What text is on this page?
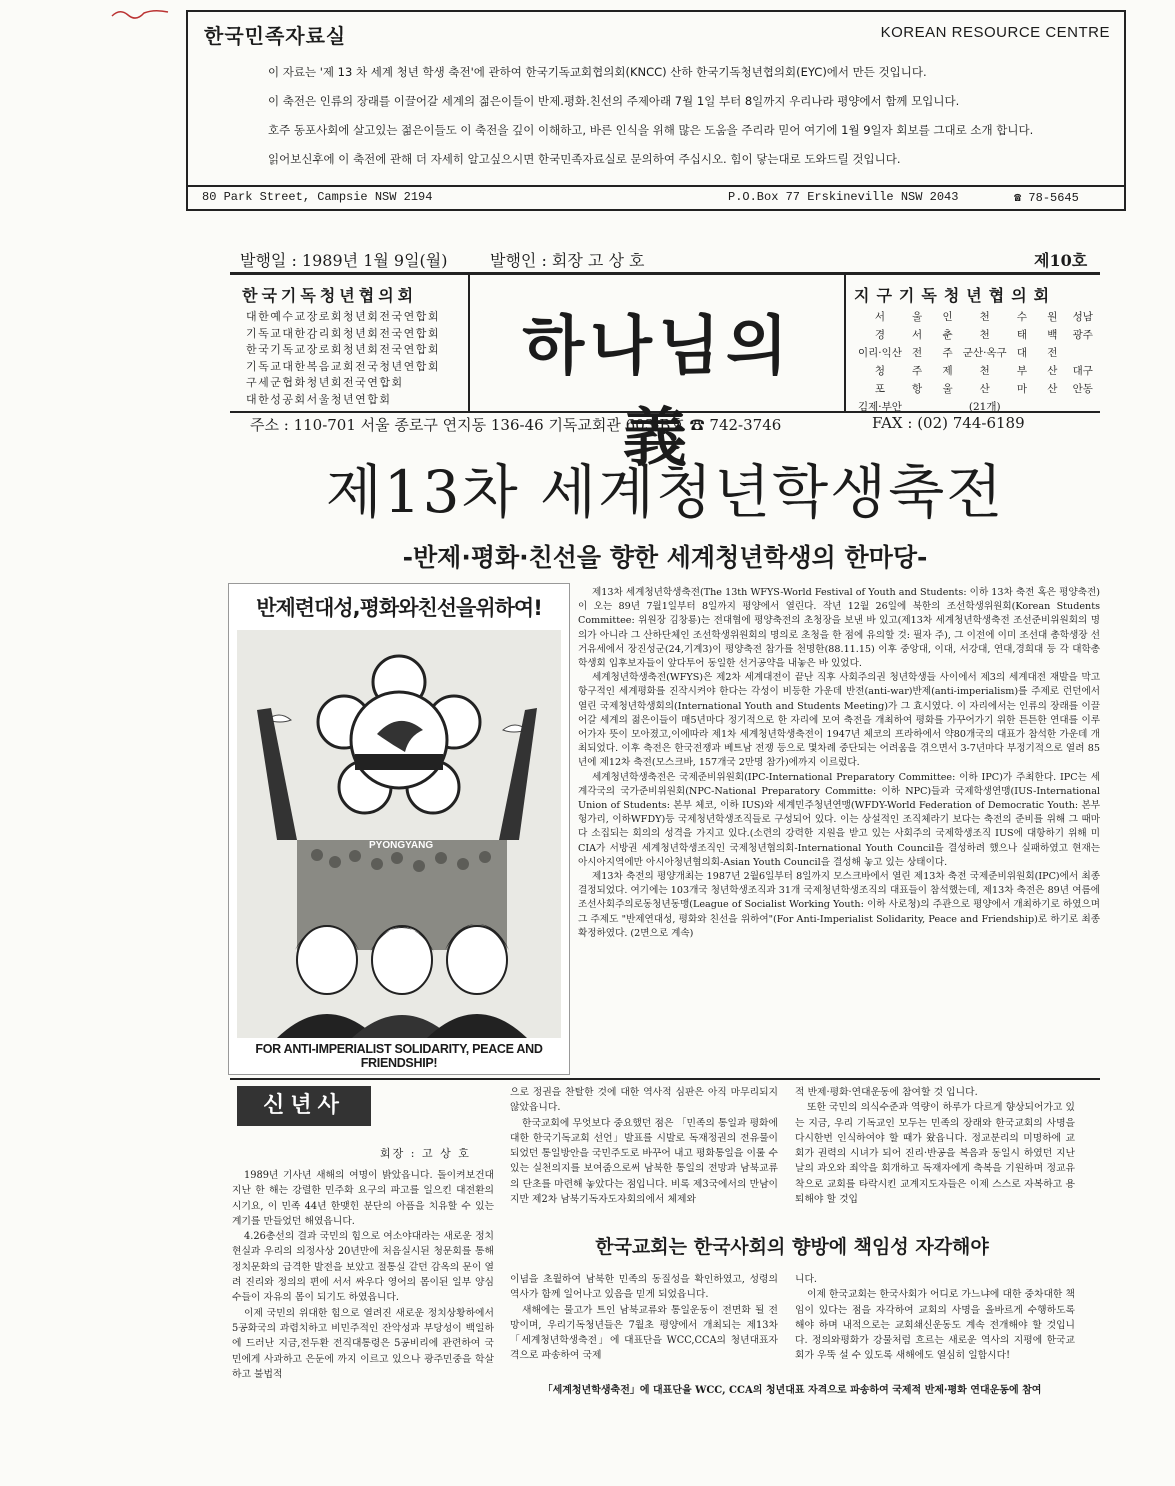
한국민족자료실	KOREAN RESOURCE CENTRE

이 자료는 '제 13 차 세계 청년 학생 축전'에 관하여 한국기독교회협의회(KNCC) 산하 한국기독청년협의회(EYC)에서 만든 것입니다.

이 축전은 인류의 장래를 이끌어갈 세계의 젊은이들이 반제.평화.친선의 주제아래 7월 1일 부터 8일까지 우리나라 평양에서 함께 모입니다.

호주 동포사회에 살고있는 젊은이들도 이 축전을 깊이 이해하고, 바른 인식을 위해 많은 도움을 주리라 믿어 여기에 1월 9일자 회보를 그대로 소개 합니다.

읽어보신후에 이 축전에 관해 더 자세히 알고싶으시면 한국민족자료실로 문의하여 주십시오. 힘이 닿는대로 도와드릴 것입니다.

80 Park Street, Campsie NSW 2194	P.O.Box 77 Erskineville NSW 2043	☎ 78-5645
발행일 : 1989년 1월 9일(월)	발행인 : 회장 고 상 호	제10호
한국기독청년협의회
대한예수교장로회청년회전국연합회
기독교대한감리회청년회전국연합회
한국기독교장로회청년회전국연합회
기독교대한복음교회전국청년연합회
구세군협화청년회전국연합회
대한성공회서울청년연합회
하나님의 義
지구기독청년협의회
서	울	인	천	수	원	성남
경	서	춘	천	태	백	광주
이리·익산 전	주 군산·옥구 대	전
청	주	제	천	부	산	대구
포	항	울	산	마	산	안동
김제·부안	(21개)
주소 : 110-701 서울 종로구 연지동 136-46 기독교회관 603-B호 ☎ 742-3746	FAX : (02) 744-6189
제13차 세계청년학생축전
-반제·평화·친선을 향한 세계청년학생의 한마당-
반제련대성,평화와친선을위하여!
PYONGYANG
FOR ANTI-IMPERIALIST SOLIDARITY, PEACE AND FRIENDSHIP!

제13차 세계청년학생축전(The 13th WFYS-World Festival of Youth and Students: 이하 13차 축전 혹은 평양축전)이 오는 89년 7월1일부터 8일까지 평양에서 열린다. 작년 12월 26일에 북한의 조선학생위원회(Korean Students Committee: 위원장 김창룡)는 전대협에 평양축전의 초청장을 보낸 바 있고(제13차 세계청년학생축전 조선준비위원회의 명의가 아니라 그 산하단체인 조선학생위원회의 명의로 초청을 한 점에 유의할 것: 필자 주), 그 이전에 이미 조선대 총학생장 선거유세에서 장진성군(24,기계3)이 평양축전 참가를 천명한(88.11.15) 이후 중앙대, 이대, 서강대, 연대,경희대 등 각 대학총학생회 입후보자들이 앞다투어 동일한 선거공약을 내놓은 바 있었다.

세계청년학생축전(WFYS)은 제2차 세계대전이 끝난 직후 사회주의권 청년학생들 사이에서 제3의 세계대전 재발을 막고 항구적인 세계평화를 진작시켜야 한다는 각성이 비등한 가운데 반전(anti-war)반제(anti-imperialism)를 주제로 런던에서 열린 국제청년학생회의(International Youth and Students Meeting)가 그 효시였다. 이 자리에서는 인류의 장래를 이끌어갈 세계의 젊은이들이 매5년마다 정기적으로 한 자리에 모여 축전을 개최하여 평화를 가꾸어가기 위한 튼튼한 연대를 이루어가자 뜻이 모아졌고,이에따라 제1차 세계청년학생축전이 1947년 체코의 프라하에서 약80개국의 대표가 참석한 가운데 개최되었다. 이후 축전은 한국전쟁과 베트남 전쟁 등으로 몇차례 중단되는 어려움을 겪으면서 3-7년마다 부정기적으로 열려 85년에 제12차 축전(모스크바, 157개국 2만명 참가)에까지 이르렀다.

세계청년학생축전은 국제준비위원회(IPC-International Preparatory Committee: 이하 IPC)가 주최한다. IPC는 세계각국의 국가준비위원회(NPC-National Preparatory Committe: 이하 NPC)들과 국제학생연맹(IUS-International Union of Students: 본부 체코, 이하 IUS)와 세계민주청년연맹(WFDY-World Federation of Democratic Youth: 본부 헝가리, 이하WFDY)등 국제청년학생조직들로 구성되어 있다. 이는 상설적인 조직체라기 보다는 축전의 준비를 위해 그 때마다 소집되는 회의의 성격을 가지고 있다.(소련의 강력한 지원을 받고 있는 사회주의 국제학생조직 IUS에 대항하기 위해 미 CIA가 서방권 세계청년학생조직인 국제청년협의회-International Youth Council을 결성하려 했으나 실패하였고 현재는 아시아지역에만 아시아청년협의회-Asian Youth Council을 결성해 놓고 있는 상태이다.

제13차 축전의 평양개최는 1987년 2월6일부터 8일까지 모스크바에서 열린 제13차 축전 국제준비위원회(IPC)에서 최종 결정되었다. 여기에는 103개국 청년학생조직과 31개 국제청년학생조직의 대표들이 참석했는데, 제13차 축전은 89년 여름에 조선사회주의로동청년동맹(League of Socialist Working Youth: 이하 사로청)의 주관으로 평양에서 개최하기로 하였으며 그 주제도 "반제연대성, 평화와 친선을 위하여"(For Anti-Imperialist Solidarity, Peace and Friendship)로 하기로 최종확정하였다. (2면으로 계속)

신년사
회장 : 고 상 호

1989년 기사년 새해의 여명이 밝았읍니다. 돌이켜보건대 지난 한 해는 강렬한 민주화 요구의 파고를 일으킨 대전환의 시기요, 이 민족 44년 한맺힌 분단의 아픔을 치유할 수 있는 계기를 만들었던 해였읍니다.

4.26총선의 결과 국민의 힘으로 여소야대라는 새로운 정치현실과 우리의 의정사상 20년만에 처음실시된 청문회를 통해 정치문화의 급격한 발전을 보았고 절통실 같던 감옥의 문이 열려 진리와 정의의 편에 서서 싸우다 영어의 몸이된 일부 양심수들이 자유의 몸이 되기도 하였읍니다.

이제 국민의 위대한 힘으로 열려진 새로운 정치상황하에서 5공화국의 과렴치하고 비민주적인 잔악성과 부당성이 백일하에 드러난 지금,전두환 전직대통령은 5공비리에 관련하여 국민에게 사과하고 은둔에 까지 이르고 있으나 광주민중을 학살하고 불법적

으로 정권을 찬탈한 것에 대한 역사적 심판은 아직 마무리되지 않았읍니다.

한국교회에 무엇보다 중요했던 점은 「민족의 통일과 평화에 대한 한국기독교회 선언」발표를 시발로 독재정권의 전유물이 되었던 통일방안을 국민주도로 바꾸어 내고 평화통일을 이룰 수 있는 실천의지를 보여줌으로써 남북한 통일의 전망과 남북교류의 단초를 마련해 놓았다는 점입니다. 비록 제3국에서의 만남이지만 제2차 남북기독자도자회의에서 체제와

적 반제·평화·연대운동에 참여할 것 입니다.

또한 국민의 의식수준과 역량이 하루가 다르게 향상되어가고 있는 지금, 우리 기독교인 모두는 민족의 장래와 한국교회의 사명을 다시한번 인식하여야 할 때가 왔읍니다. 정교분리의 미명하에 교회가 권력의 시녀가 되어 진리·반공을 복음과 동일시 하였던 지난날의 과오와 죄악을 회개하고 독재자에게 축복을 기원하며 정교유착으로 교회를 타락시킨 교계지도자들은 이제 스스로 자복하고 용퇴해야 할 것입

한국교회는 한국사회의 향방에 책임성 자각해야

이념을 초월하여 남북한 민족의 동질성을 확인하였고, 성령의 역사가 함께 일어나고 있음을 믿게 되었읍니다.

새해에는 물고가 트인 남북교류와 통일운동이 전면화 될 전망이며, 우리기독청년들은 7월초 평양에서 개최되는 제13차「세계청년학생축전」에 대표단을 WCC,CCA의 청년대표자격으로 파송하여 국제

니다.

이제 한국교회는 한국사회가 어디로 가느냐에 대한 중차대한 책임이 있다는 점을 자각하여 교회의 사명을 올바르게 수행하도록 해야 하며 내적으로는 교회쇄신운동도 계속 전개해야 할 것입니다. 정의와평화가 강물처럼 흐르는 새로운 역사의 지평에 한국교회가 우뚝 설 수 있도록 새해에도 열심히 일합시다!

「세계청년학생축전」에 대표단을 WCC, CCA의 청년대표 자격으로 파송하여 국제적 반제·평화 연대운동에 참여
